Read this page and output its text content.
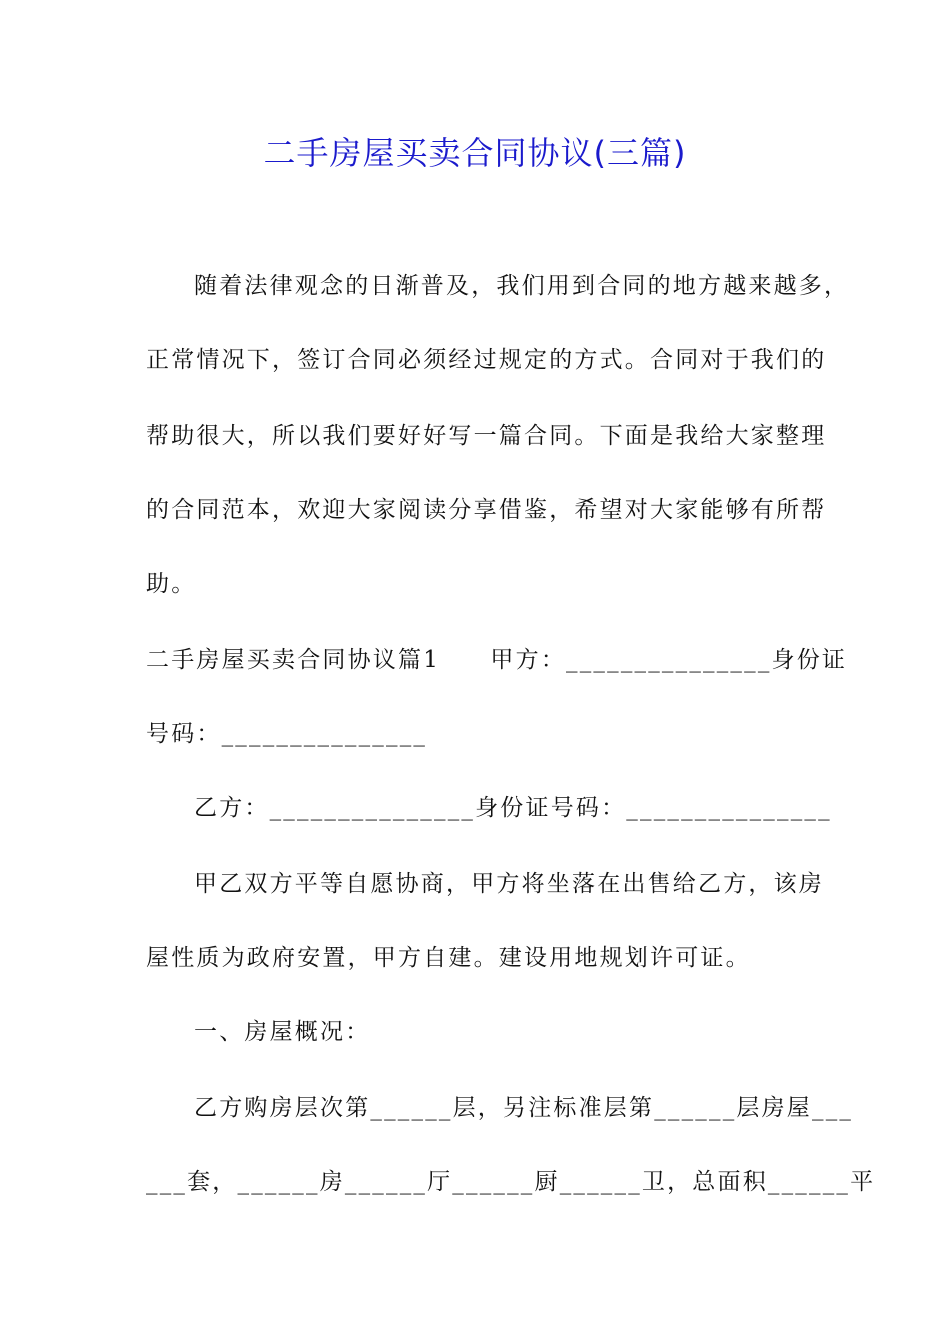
二手房屋买卖合同协议(三篇)
随着法律观念的日渐普及，我们用到合同的地方越来越多，
正常情况下，签订合同必须经过规定的方式。合同对于我们的
帮助很大，所以我们要好好写一篇合同。下面是我给大家整理
的合同范本，欢迎大家阅读分享借鉴，希望对大家能够有所帮
助。
二手房屋买卖合同协议篇1　　甲方：_______________身份证
号码：_______________
乙方：_______________身份证号码：_______________
甲乙双方平等自愿协商，甲方将坐落在出售给乙方，该房
屋性质为政府安置，甲方自建。建设用地规划许可证。
一、房屋概况：
乙方购房层次第______层，另注标准层第______层房屋___
___套，______房______厅______厨______卫，总面积______平
